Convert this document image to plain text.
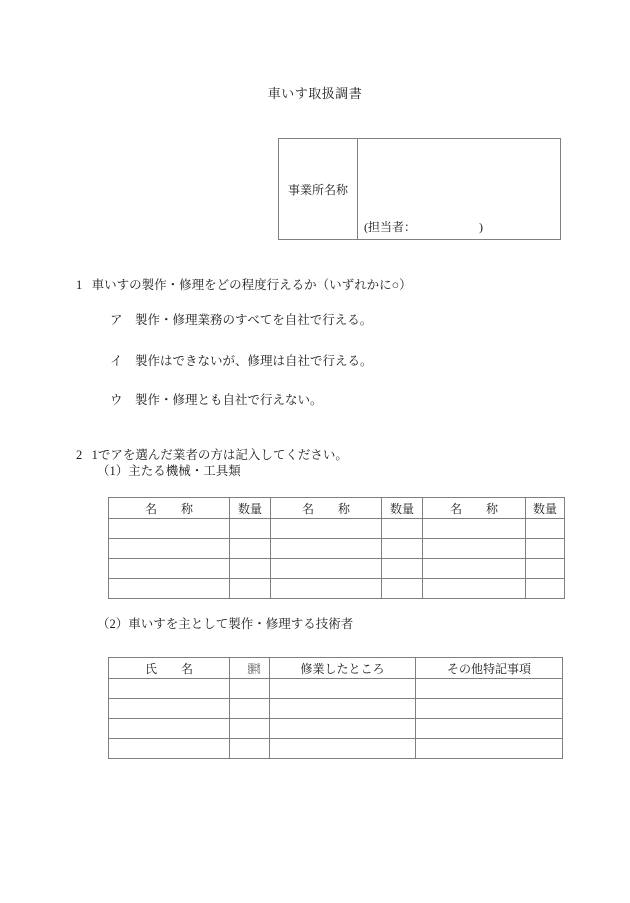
車いす取扱調書
事業所名称	
(担当者：                     )
1   車いすの製作・修理をどの程度行えるか（いずれかに○）
ア　製作・修理業務のすべてを自社で行える。
イ　製作はできないが、修理は自社で行える。
ウ　製作・修理とも自社で行えない。
2   1でアを選んだ業者の方は記入してください。
（1）主たる機械・工具類
名　　称	数量	名　　称	数量	名　　称	数量

（2）車いすを主として製作・修理する技術者
氏　　名	経験年数	修業したところ	その他特記事項
